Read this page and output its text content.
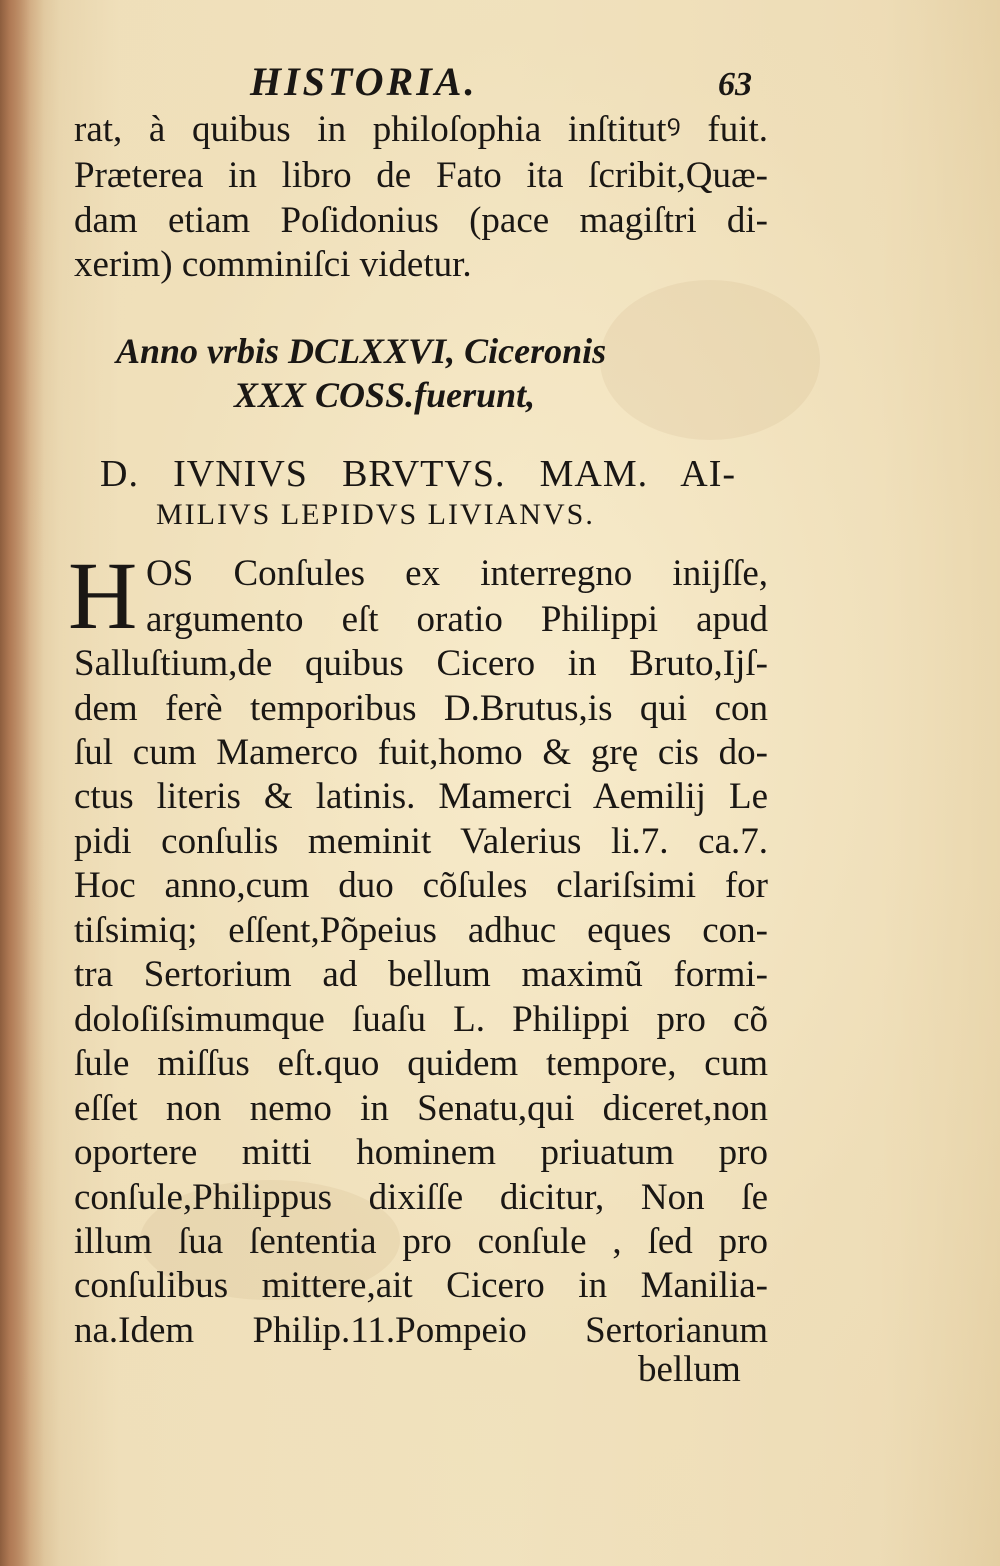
HISTORIA.	63
rat, à quibus in philoſophia inſtitutꝰ fuit.
Præterea in libro de Fato ita ſcribit,Quæ-
dam etiam Poſidonius (pace magiſtri di-
xerim) comminiſci videtur.
Anno vrbis DCLXXVI, Ciceronis
XXX COSS.fuerunt,
D. IVNIVS BRVTVS. MAM. AI-
MILIVS LEPIDVS LIVIANVS.
H OS Conſules ex interregno inijſſe,
argumento eſt oratio Philippi apud
Salluſtium,de quibus Cicero in Bruto,Ijſ-
dem ferè temporibus D.Brutus,is qui con
ſul cum Mamerco fuit,homo & grę cis do-
ctus literis & latinis. Mamerci Aemilij Le
pidi conſulis meminit Valerius li.7. ca.7.
Hoc anno,cum duo cõſules clariſsimi for
tiſsimiq; eſſent,Põpeius adhuc eques con-
tra Sertorium ad bellum maximũ formi-
doloſiſsimumque ſuaſu L. Philippi pro cõ
ſule miſſus eſt.quo quidem tempore, cum
eſſet non nemo in Senatu,qui diceret,non
oportere mitti hominem priuatum pro
conſule,Philippus dixiſſe dicitur, Non ſe
illum ſua ſententia pro conſule , ſed pro
conſulibus mittere,ait Cicero in Manilia-
na.Idem Philip.11.Pompeio Sertorianum
bellum
